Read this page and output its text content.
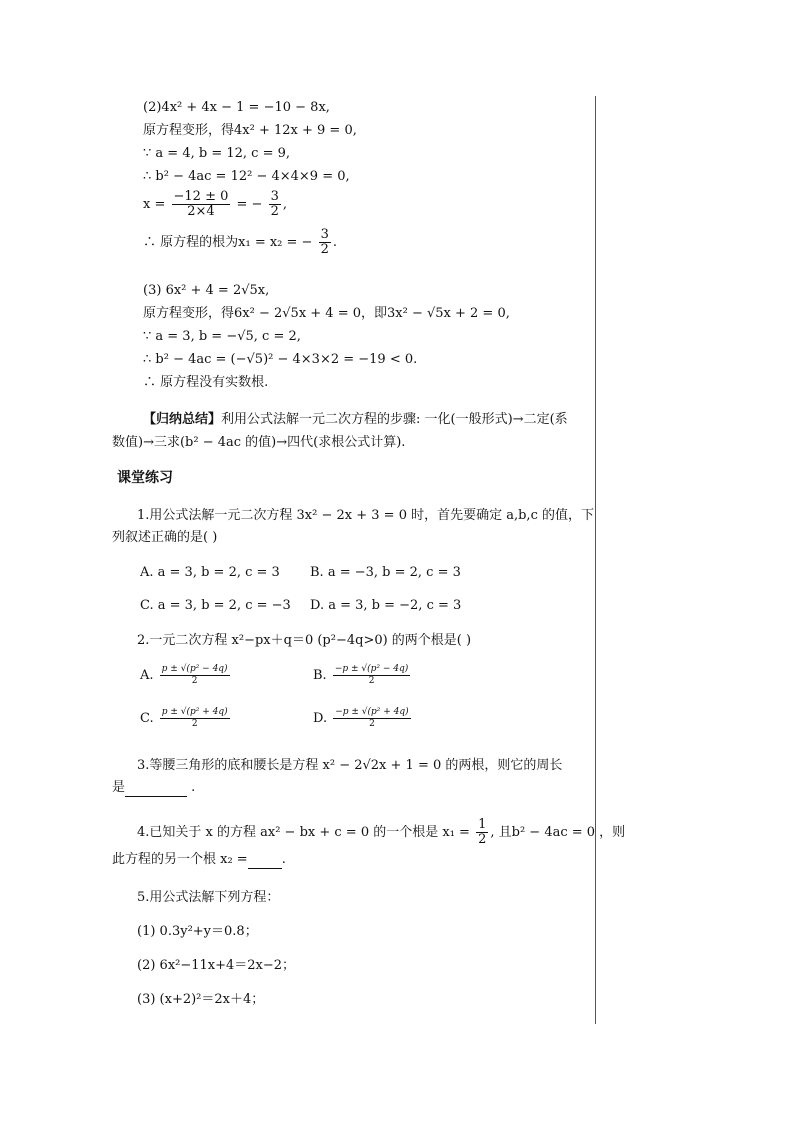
(2)4x² + 4x − 1 = −10 − 8x,
原方程变形，得4x² + 12x + 9 = 0,
∵ a = 4, b = 12, c = 9,
∴ b² − 4ac = 12² − 4×4×9 = 0,
$x = \frac{-12 \pm 0}{2\times 4}$ = − $\frac{3}{2}$ ,
∴ 原方程的根为x₁ = x₂ = − $\frac{3}{2}$ .
(3) 6x² + 4 = 2√5x,
原方程变形，得6x² − 2√5x + 4 = 0，即3x² − √5x + 2 = 0,
∵ a = 3, b = −√5, c = 2,
∴ b² − 4ac = (−√5)² − 4×3×2 = −19 < 0.
∴ 原方程没有实数根.
【归纳总结】利用公式法解一元二次方程的步骤: 一化(一般形式)→二定(系
数值)→三求(b² − 4ac 的值)→四代(求根公式计算).
课堂练习
1.用公式法解一元二次方程 3x² − 2x + 3 = 0 时，首先要确定 a,b,c 的值，下
列叙述正确的是( )
A. a = 3, b = 2, c = 3 B. a = −3, b = 2, c = 3
C. a = 3, b = 2, c = −3 D. a = 3, b = −2, c = 3
2.一元二次方程 x²−px＋q＝0 (p²−4q>0) 的两个根是( )
A. $\frac{\text{p ± √(p² − 4q)}}{2}$	B. $\frac{\text{−p ± √(p² − 4q)}}{2}$
C. $\frac{\text{p ± √(p² + 4q)}}{2}$	D. $\frac{\text{−p ± √(p² + 4q)}}{2}$
3.等腰三角形的底和腰长是方程 x² − 2√2x + 1 = 0 的两根，则它的周长
是	.
4.已知关于 x 的方程 ax² − bx + c = 0 的一个根是 $x_1 = \frac{1}{2}$ , 且b² − 4ac = 0 ，则
此方程的另一个根 x₂ =	.
5.用公式法解下列方程：
(1) 0.3y²+y＝0.8；
(2) 6x²−11x+4＝2x−2；
(3) (x+2)²＝2x＋4；
